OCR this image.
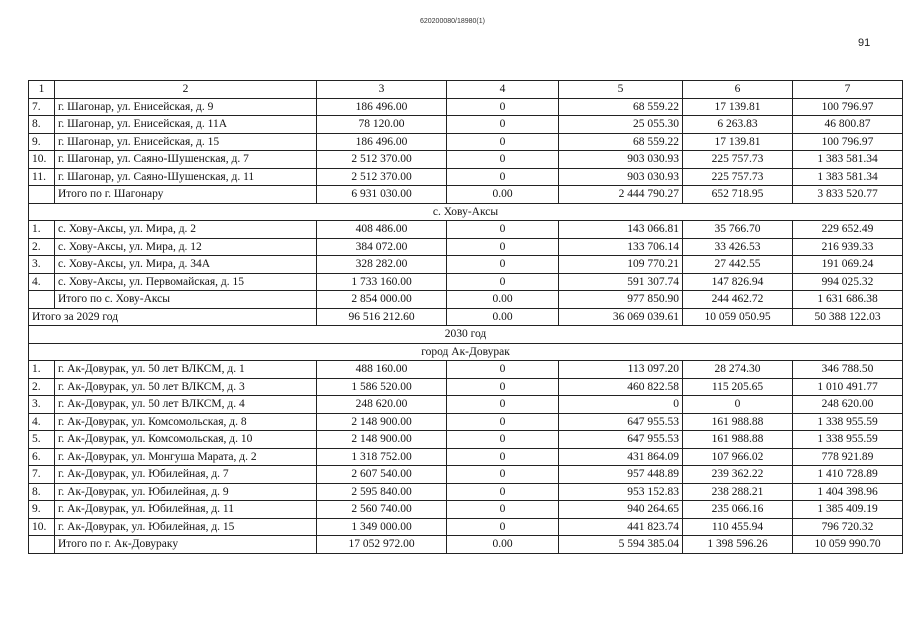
620200080/18980(1)
91
1	2	3	4	5	6	7
7.	г. Шагонар, ул. Енисейская, д. 9	186 496.00	0	68 559.22	17 139.81	100 796.97
8.	г. Шагонар, ул. Енисейская, д. 11А	78 120.00	0	25 055.30	6 263.83	46 800.87
9.	г. Шагонар, ул. Енисейская, д. 15	186 496.00	0	68 559.22	17 139.81	100 796.97
10.	г. Шагонар, ул. Саяно-Шушенская, д. 7	2 512 370.00	0	903 030.93	225 757.73	1 383 581.34
11.	г. Шагонар, ул. Саяно-Шушенская, д. 11	2 512 370.00	0	903 030.93	225 757.73	1 383 581.34
	Итого по г. Шагонару	6 931 030.00	0.00	2 444 790.27	652 718.95	3 833 520.77
с. Хову-Аксы						
1.	с. Хову-Аксы, ул. Мира, д. 2	408 486.00	0	143 066.81	35 766.70	229 652.49
2.	с. Хову-Аксы, ул. Мира, д. 12	384 072.00	0	133 706.14	33 426.53	216 939.33
3.	с. Хову-Аксы, ул. Мира, д. 34А	328 282.00	0	109 770.21	27 442.55	191 069.24
4.	с. Хову-Аксы, ул. Первомайская, д. 15	1 733 160.00	0	591 307.74	147 826.94	994 025.32
	Итого по с. Хову-Аксы	2 854 000.00	0.00	977 850.90	244 462.72	1 631 686.38
Итого за 2029 год		96 516 212.60	0.00	36 069 039.61	10 059 050.95	50 388 122.03
2030 год						
город Ак-Довурак						
1.	г. Ак-Довурак, ул. 50 лет ВЛКСМ, д. 1	488 160.00	0	113 097.20	28 274.30	346 788.50
2.	г. Ак-Довурак, ул. 50 лет ВЛКСМ, д. 3	1 586 520.00	0	460 822.58	115 205.65	1 010 491.77
3.	г. Ак-Довурак, ул. 50 лет ВЛКСМ, д. 4	248 620.00	0	0	0	248 620.00
4.	г. Ак-Довурак, ул. Комсомольская, д. 8	2 148 900.00	0	647 955.53	161 988.88	1 338 955.59
5.	г. Ак-Довурак, ул. Комсомольская, д. 10	2 148 900.00	0	647 955.53	161 988.88	1 338 955.59
6.	г. Ак-Довурак, ул. Монгуша Марата, д. 2	1 318 752.00	0	431 864.09	107 966.02	778 921.89
7.	г. Ак-Довурак, ул. Юбилейная, д. 7	2 607 540.00	0	957 448.89	239 362.22	1 410 728.89
8.	г. Ак-Довурак, ул. Юбилейная, д. 9	2 595 840.00	0	953 152.83	238 288.21	1 404 398.96
9.	г. Ак-Довурак, ул. Юбилейная, д. 11	2 560 740.00	0	940 264.65	235 066.16	1 385 409.19
10.	г. Ак-Довурак, ул. Юбилейная, д. 15	1 349 000.00	0	441 823.74	110 455.94	796 720.32
	Итого по г. Ак-Довураку	17 052 972.00	0.00	5 594 385.04	1 398 596.26	10 059 990.70
